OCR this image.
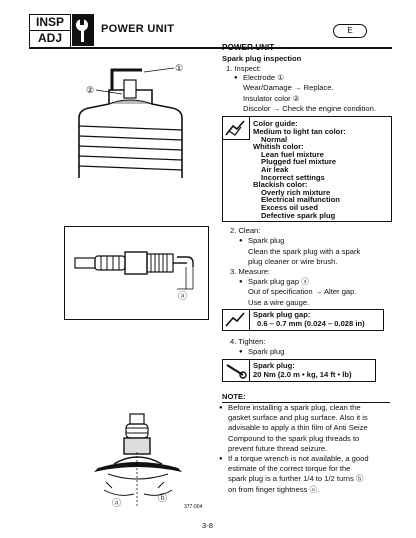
INSP
ADJ
POWER UNIT	E
①
②
POWER UNIT
Spark plug inspection
1. Inspect:
● Electrode ①
Wear/Damage → Replace.
Insulator color ②
Discolor → Check the engine condition.
Color guide:
Medium to light tan color:
Normal
Whitish color:
Lean fuel mixture
Plugged fuel mixture
Air leak
Incorrect settings
Blackish color:
Overly rich mixture
Electrical malfunction
Excess oil used
Defective spark plug
ⓐ
2. Clean:
● Spark plug
Clean the spark plug with a spark
plug cleaner or wire brush.
3. Measure:
● Spark plug gap ⓐ
Out of specification → Alter gap.
Use a wire gauge.
Spark plug gap:
0.6 – 0.7 mm (0.024 – 0.028 in)
4. Tighten:
● Spark plug
Spark plug:
20 Nm (2.0 m • kg, 14 ft • lb)
NOTE:
● Before installing a spark plug, clean the
gasket surface and plug surface. Also it is
advisable to apply a thin film of Anti Seize
Compound to the spark plug threads to
prevent future thread seizure.
● If a torque wrench is not available, a good
estimate of the correct torque for the
spark plug is a further 1/4 to 1/2 turns ⓑ
on from finger tightness ⓐ.
ⓐ	ⓑ
377-004
3-8
